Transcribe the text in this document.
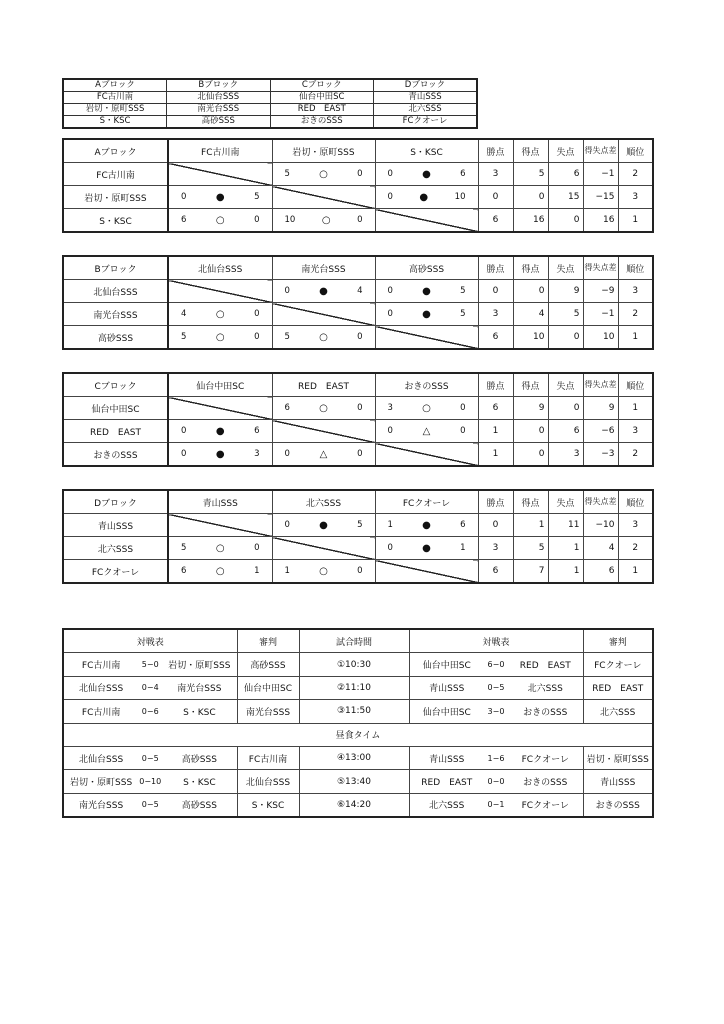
Aブロック	Bブロック	Cブロック	Dブロック
FC古川南	北仙台SSS	仙台中田SC	青山SSS
岩切・原町SSS	南光台SSS	RED　EAST	北六SSS
S・KSC	高砂SSS	おきのSSS	FCクオーレ
Aブロック	FC古川南	岩切・原町SSS	S・KSC	勝点	得点	失点	得失点差	順位
FC古川南		5 ○ 0	0 ● 6	3	5	6	−1	2
岩切・原町SSS	0 ● 5		0 ● 10	0	0	15	−15	3
S・KSC	6 ○ 0	10 ○ 0		6	16	0	16	1
Bブロック	北仙台SSS	南光台SSS	高砂SSS	勝点	得点	失点	得失点差	順位
北仙台SSS		0 ● 4	0 ● 5	0	0	9	−9	3
南光台SSS	4 ○ 0		0 ● 5	3	4	5	−1	2
高砂SSS	5 ○ 0	5 ○ 0		6	10	0	10	1
Cブロック	仙台中田SC	RED　EAST	おきのSSS	勝点	得点	失点	得失点差	順位
仙台中田SC		6 ○ 0	3 ○ 0	6	9	0	9	1
RED　EAST	0 ● 6		0 △ 0	1	0	6	−6	3
おきのSSS	0 ● 3	0 △ 0		1	0	3	−3	2
Dブロック	青山SSS	北六SSS	FCクオーレ	勝点	得点	失点	得失点差	順位
青山SSS		0 ● 5	1 ● 6	0	1	11	−10	3
北六SSS	5 ○ 0		0 ● 1	3	5	1	4	2
FCクオーレ	6 ○ 1	1 ○ 0		6	7	1	6	1
対戦表	審判	試合時間	対戦表	審判

FC古川南 5−0 岩切・原町SSS	高砂SSS	①10:30	仙台中田SC 6−0 RED　EAST	FCクオーレ

北仙台SSS 0−4 南光台SSS	仙台中田SC	②11:10	青山SSS 0−5 北六SSS	RED　EAST

FC古川南 0−6 S・KSC	南光台SSS	③11:50	仙台中田SC 3−0 おきのSSS	北六SSS
昼食タイム				

北仙台SSS 0−5 高砂SSS	FC古川南	④13:00	青山SSS 1−6 FCクオーレ	岩切・原町SSS

岩切・原町SSS 0−10 S・KSC	北仙台SSS	⑤13:40	RED　EAST 0−0 おきのSSS	青山SSS

南光台SSS 0−5 高砂SSS	S・KSC	⑥14:20	北六SSS 0−1 FCクオーレ	おきのSSS
